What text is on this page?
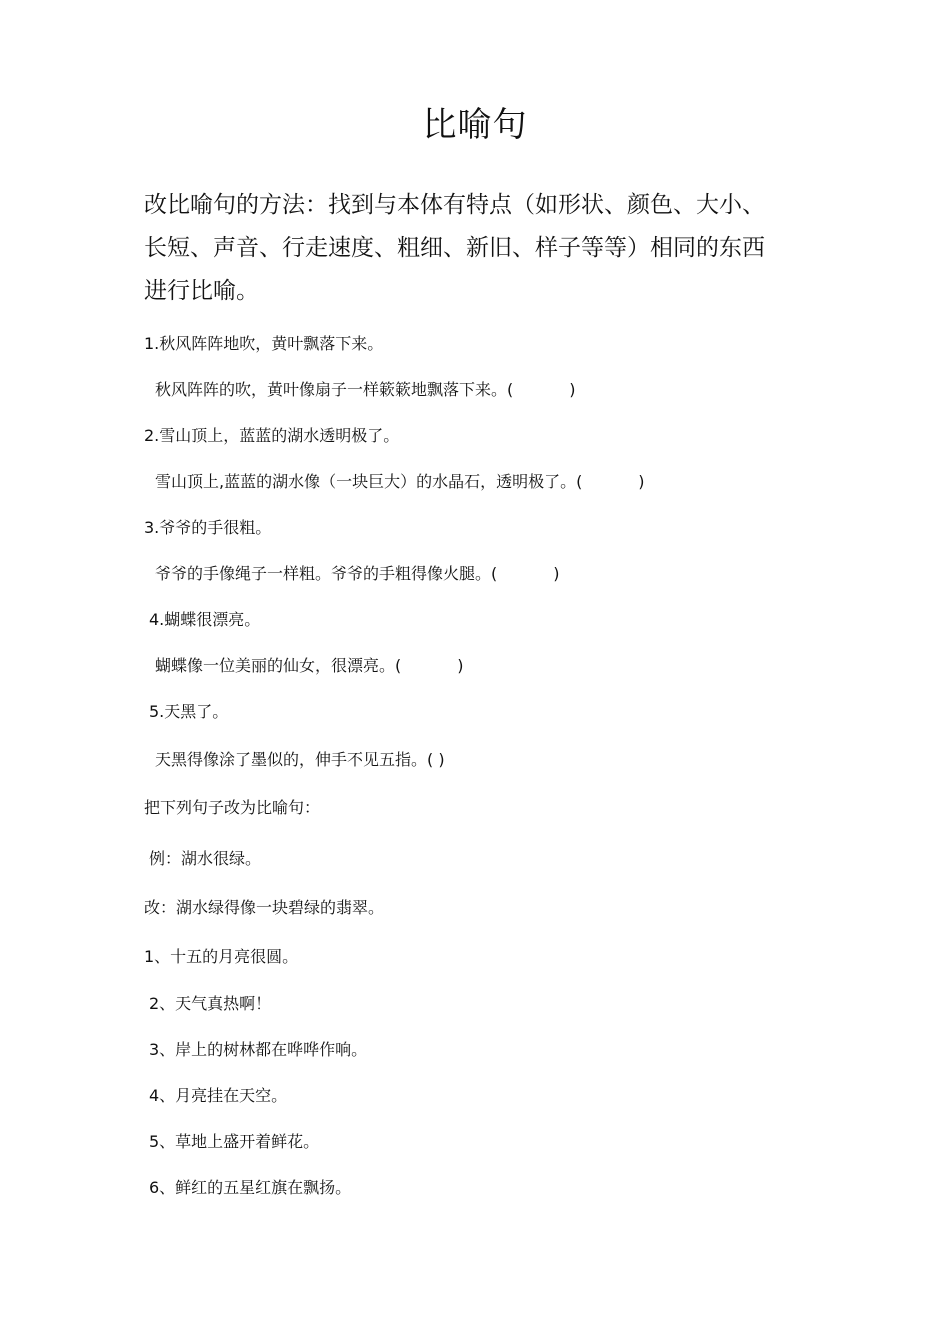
比喻句
改比喻句的方法：找到与本体有特点（如形状、颜色、大小、
长短、声音、行走速度、粗细、新旧、样子等等）相同的东西
进行比喻。
1.秋风阵阵地吹，黄叶飘落下来。
秋风阵阵的吹，黄叶像扇子一样簌簌地飘落下来。(           )
2.雪山顶上，蓝蓝的湖水透明极了。
雪山顶上,蓝蓝的湖水像（一块巨大）的水晶石，透明极了。(           )
3.爷爷的手很粗。
爷爷的手像绳子一样粗。爷爷的手粗得像火腿。(           )
4.蝴蝶很漂亮。
蝴蝶像一位美丽的仙女，很漂亮。(           )
5.天黑了。
天黑得像涂了墨似的，伸手不见五指。( )
把下列句子改为比喻句：
例：湖水很绿。
改：湖水绿得像一块碧绿的翡翠。
1、十五的月亮很圆。
2、天气真热啊！
3、岸上的树林都在哗哗作响。
4、月亮挂在天空。
5、草地上盛开着鲜花。
6、鲜红的五星红旗在飘扬。
